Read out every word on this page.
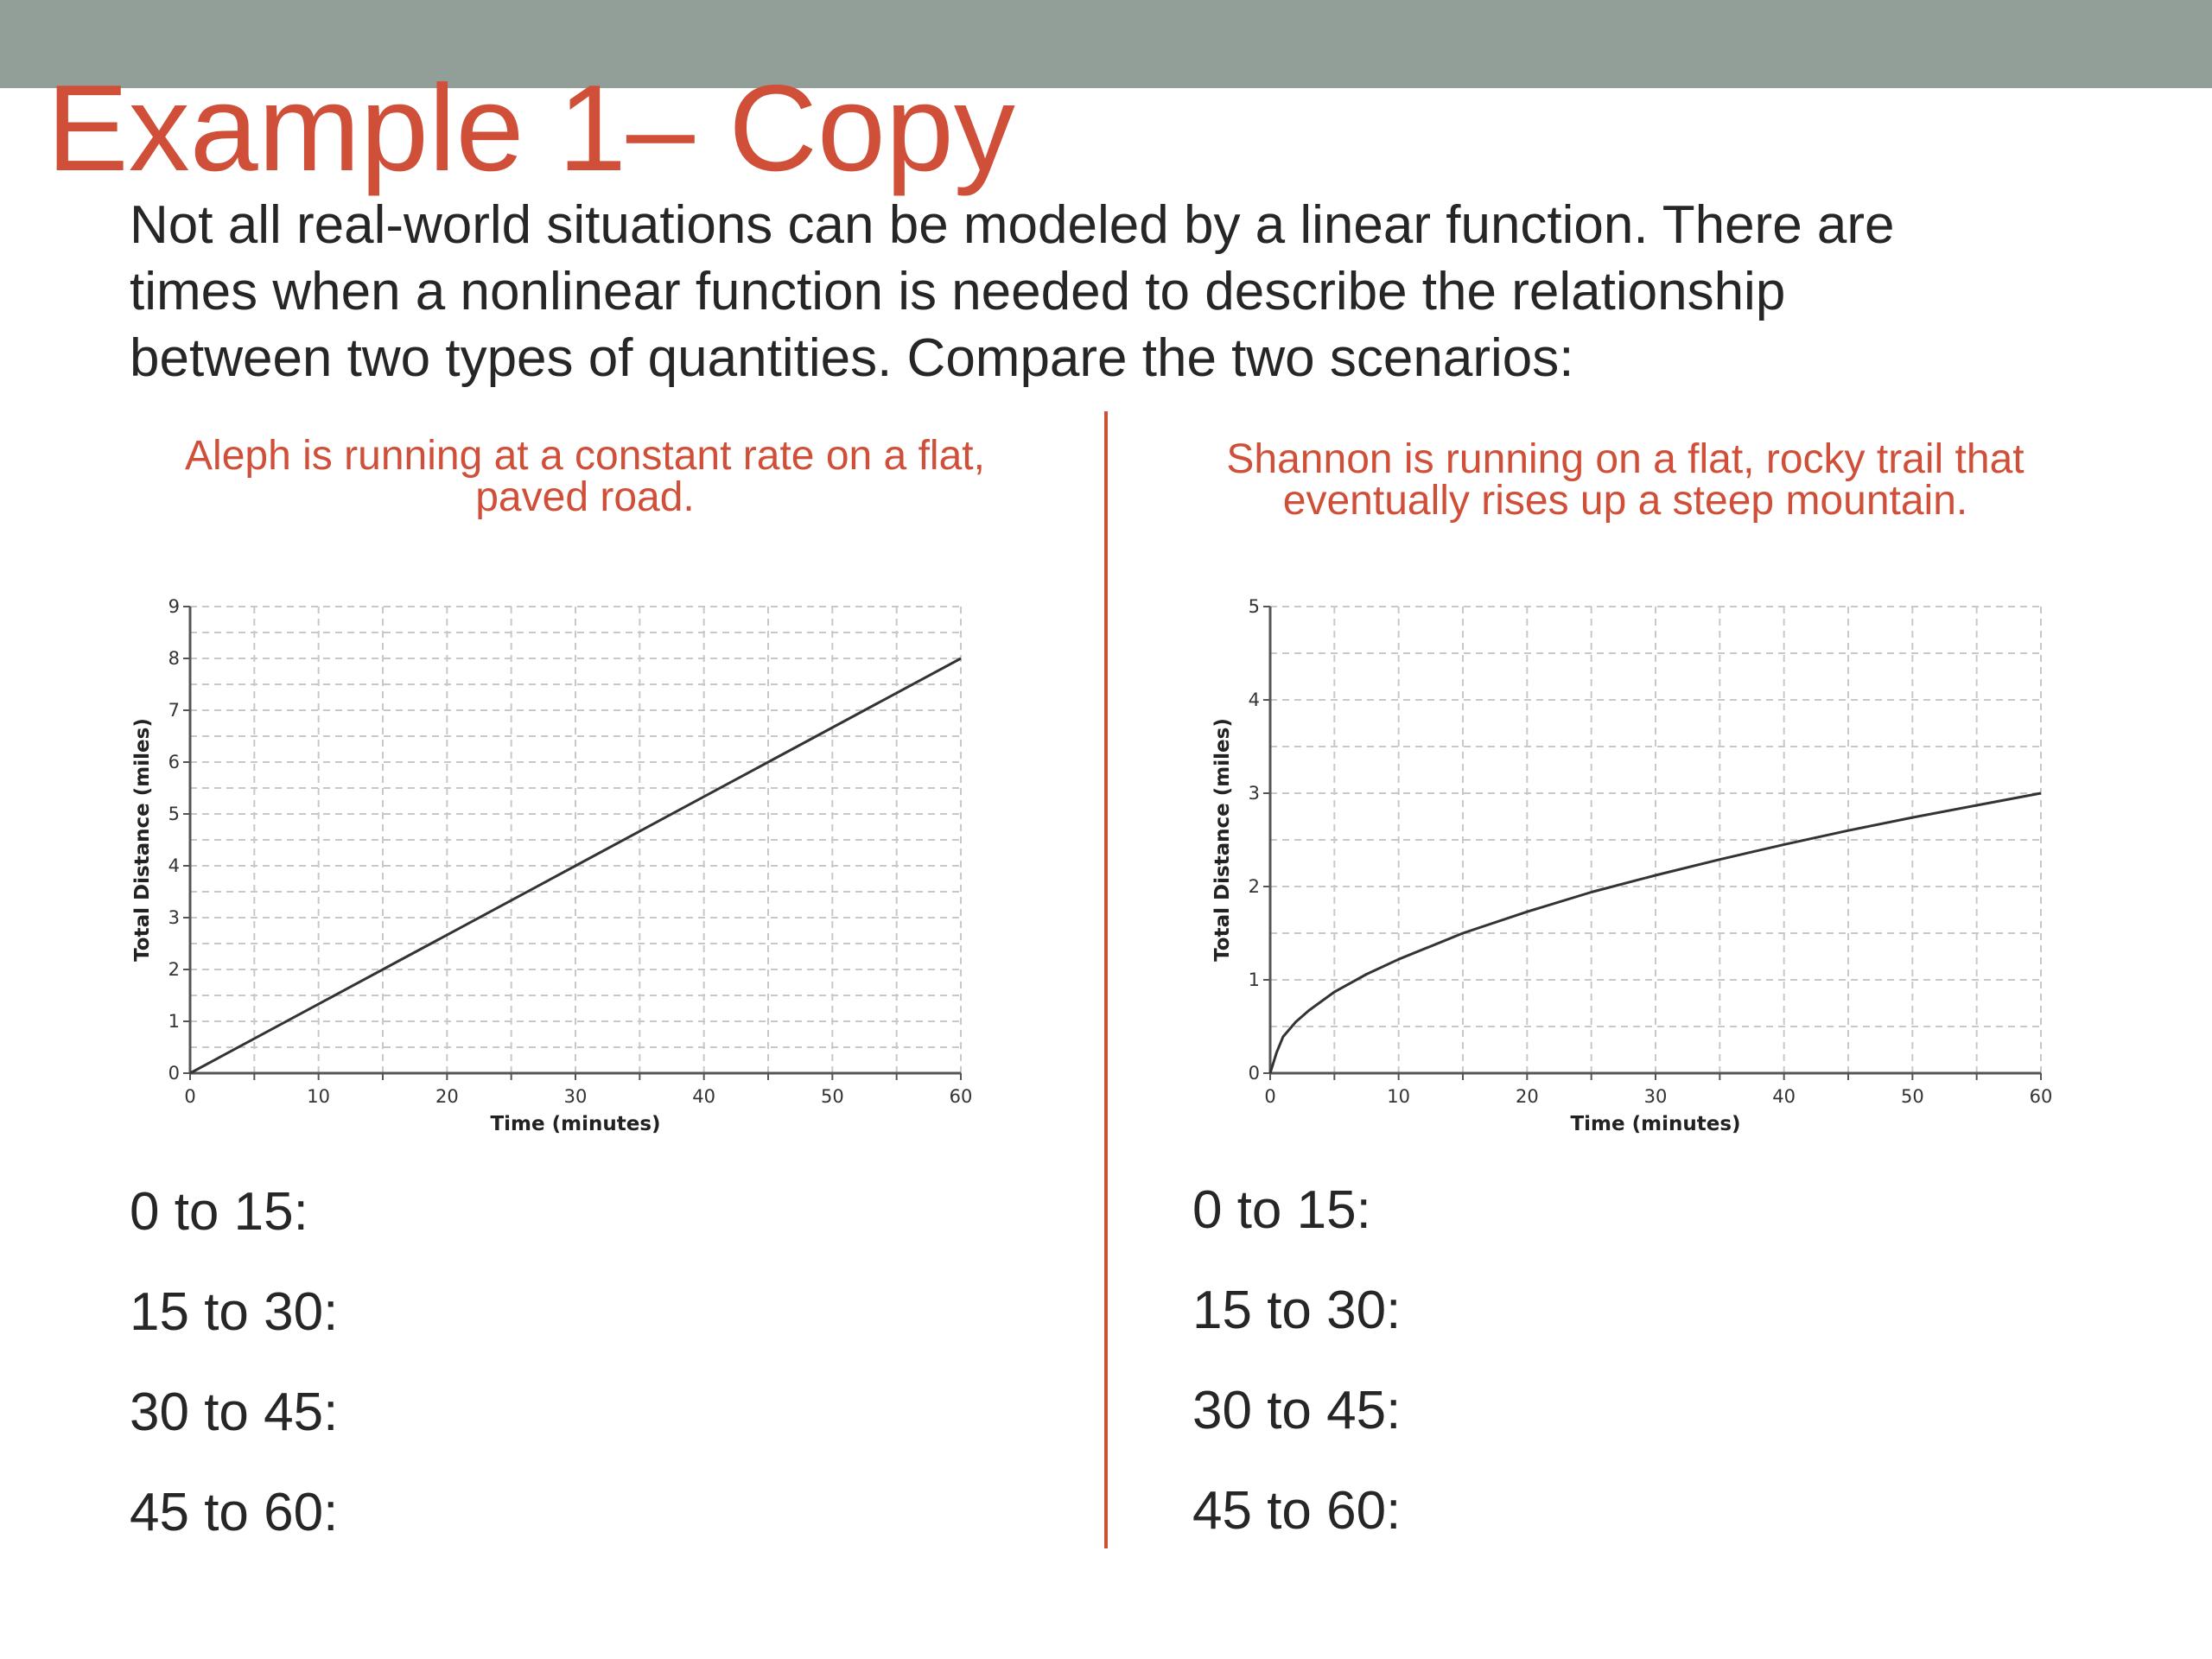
Example 1– Copy
Not all real-world situations can be modeled by a linear function. There are
times when a nonlinear function is needed to describe the relationship
between two types of quantities. Compare the two scenarios:
Aleph is running at a constant rate on a flat,
paved road.
0	10	20	30	40	50	60
0
1
2
3
4
5
6
7
8
9
Time (minutes)
Total Distance (miles)
0 to 15:
15 to 30:
30 to 45:
45 to 60:
Shannon is running on a flat, rocky trail that
eventually rises up a steep mountain.
0	10	20	30	40	50	60
0
1
2
3
4
5
Time (minutes)
Total Distance (miles)
0 to 15:
15 to 30:
30 to 45:
45 to 60:
